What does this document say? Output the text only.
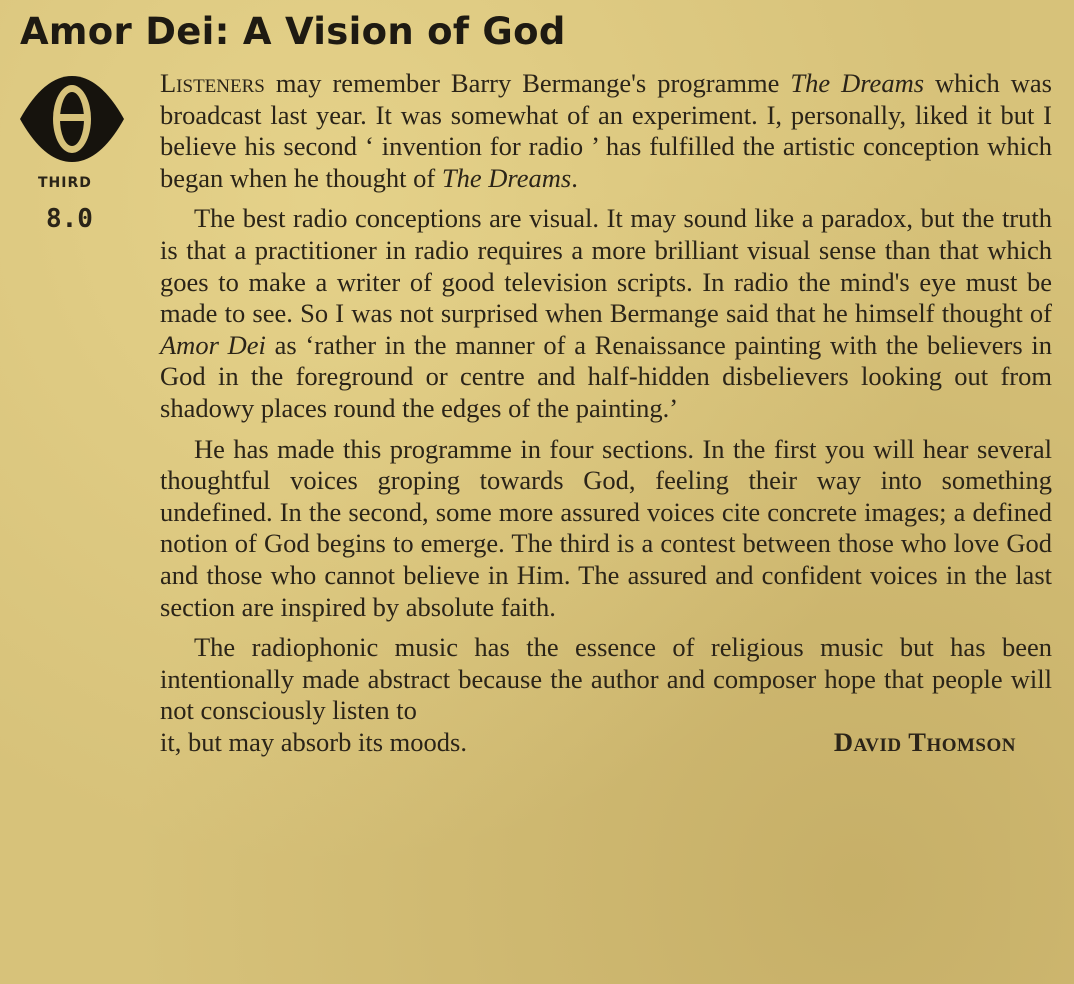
Amor Dei: A Vision of God
THIRD
8.0

Listeners may remember Barry Bermange's programme The Dreams which was broadcast last year. It was somewhat of an experiment. I, personally, liked it but I believe his second ‘ invention for radio ’ has fulfilled the artistic conception which began when he thought of The Dreams.

The best radio conceptions are visual. It may sound like a paradox, but the truth is that a practitioner in radio requires a more brilliant visual sense than that which goes to make a writer of good television scripts. In radio the mind's eye must be made to see. So I was not surprised when Bermange said that he himself thought of Amor Dei as ‘rather in the manner of a Renaissance painting with the believers in God in the foreground or centre and half-hidden disbelievers looking out from shadowy places round the edges of the painting.’

He has made this programme in four sections. In the first you will hear several thoughtful voices groping towards God, feeling their way into something undefined. In the second, some more assured voices cite concrete images; a defined notion of God begins to emerge. The third is a contest between those who love God and those who cannot believe in Him. The assured and confident voices in the last section are inspired by absolute faith.

The radiophonic music has the essence of religious music but has been intentionally made abstract because the author and composer hope that people will not consciously listen to
it, but may absorb its moods.	David Thomson
